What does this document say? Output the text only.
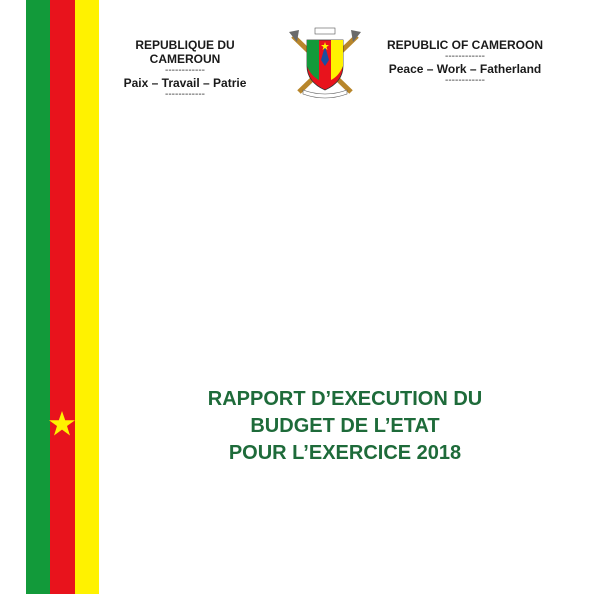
REPUBLIQUE DU CAMEROUN
------------
Paix – Travail – Patrie
------------
REPUBLIC OF CAMEROON
------------
Peace – Work – Fatherland
------------
RAPPORT D’EXECUTION DU
BUDGET DE L’ETAT
POUR L’EXERCICE 2018
